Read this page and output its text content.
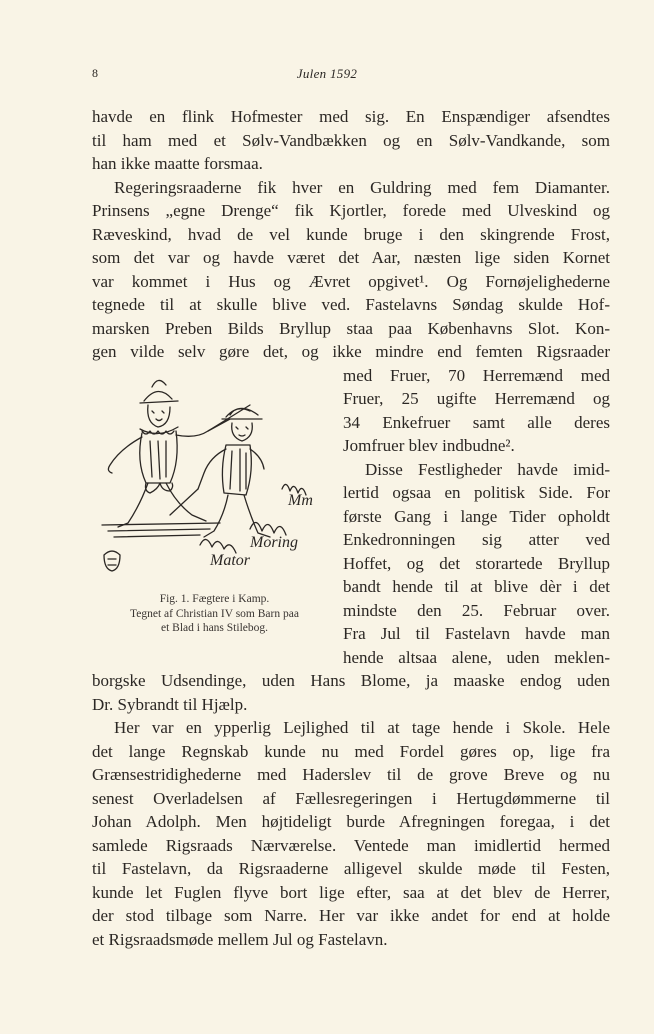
8	Julen 1592
havde en flink Hofmester med sig. En Enspændiger afsendtes
til ham med et Sølv-Vandbækken og en Sølv-Vandkande, som
han ikke maatte forsmaa.
Regeringsraaderne fik hver en Guldring med fem Diamanter.
Prinsens „egne Drenge“ fik Kjortler, forede med Ulveskind og
Ræveskind, hvad de vel kunde bruge i den skingrende Frost,
som det var og havde været det Aar, næsten lige siden Kornet
var kommet i Hus og Ævret opgivet¹. Og Fornøjelighederne
tegnede til at skulle blive ved. Fastelavns Søndag skulde Hof-
marsken Preben Bilds Bryllup staa paa Københavns Slot. Kon-
gen vilde selv gøre det, og ikke mindre end femten Rigsraader
med Fruer, 70 Herremænd med
Fruer, 25 ugifte Herremænd og
34 Enkefruer samt alle deres
Jomfruer blev indbudne².
Disse Festligheder havde imid-
lertid ogsaa en politisk Side. For
første Gang i lange Tider opholdt
Enkedronningen sig atter ved
Hoffet, og det storartede Bryllup
bandt hende til at blive dèr i det
mindste den 25. Februar over.
Fra Jul til Fastelavn havde man
hende altsaa alene, uden meklen-
borgske Udsendinge, uden Hans Blome, ja maaske endog uden
Dr. Sybrandt til Hjælp.
Her var en ypperlig Lejlighed til at tage hende i Skole. Hele
det lange Regnskab kunde nu med Fordel gøres op, lige fra
Grænsestridighederne med Haderslev til de grove Breve og nu
senest Overladelsen af Fællesregeringen i Hertugdømmerne til
Johan Adolph. Men højtideligt burde Afregningen foregaa, i det
samlede Rigsraads Nærværelse. Ventede man imidlertid hermed
til Fastelavn, da Rigsraaderne alligevel skulde møde til Festen,
kunde let Fuglen flyve bort lige efter, saa at det blev de Herrer,
der stod tilbage som Narre. Her var ikke andet for end at holde
et Rigsraadsmøde mellem Jul og Fastelavn.
Mm
Moring
Mator
Fig. 1. Fægtere i Kamp.
Tegnet af Christian IV som Barn paa
et Blad i hans Stilebog.
